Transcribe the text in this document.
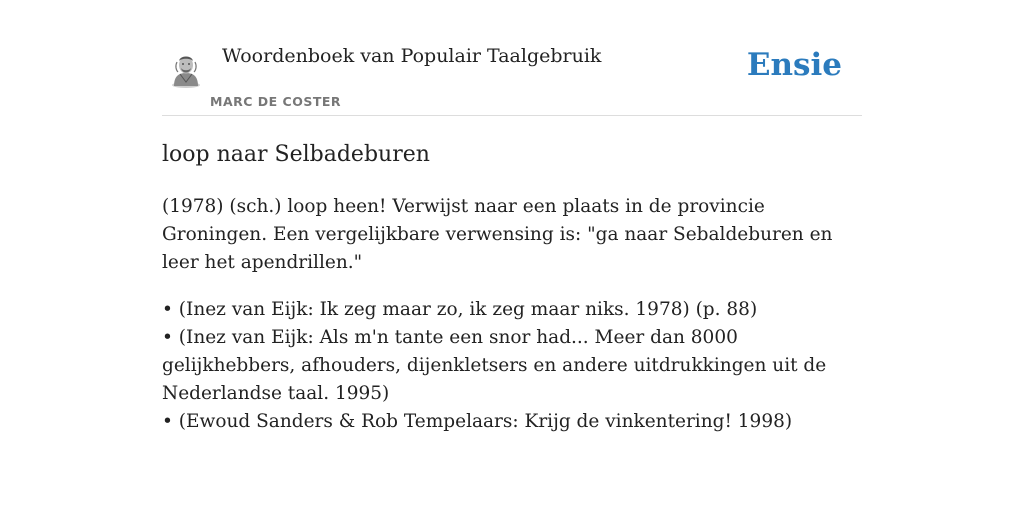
Woordenboek van Populair Taalgebruik
MARC DE COSTER
Ensie
loop naar Selbadeburen

(1978) (sch.) loop heen! Verwijst naar een plaats in de provincie Groningen. Een vergelijkbare verwensing is: "ga naar Sebaldeburen en leer het apendrillen."

• (Inez van Eijk: Ik zeg maar zo, ik zeg maar niks. 1978) (p. 88)
• (Inez van Eijk: Als m'n tante een snor had... Meer dan 8000 gelijkhebbers, afhouders, dijenkletsers en andere uitdrukkingen uit de Nederlandse taal. 1995)
• (Ewoud Sanders & Rob Tempelaars: Krijg de vinkentering! 1998)
